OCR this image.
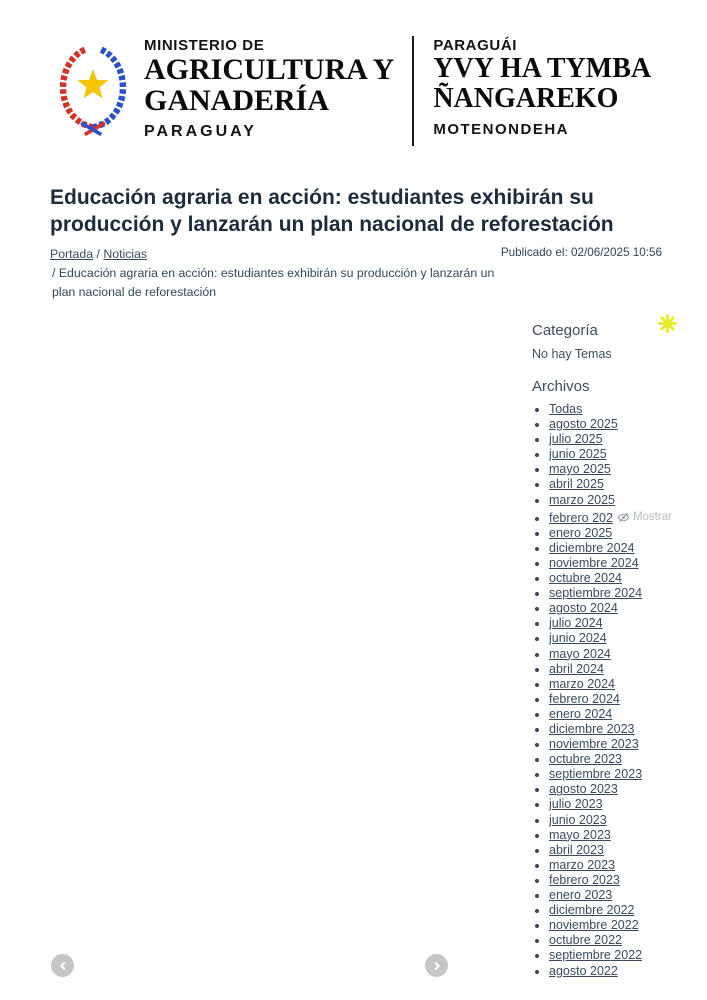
MINISTERIO DE
AGRICULTURA Y
GANADERÍA
PARAGUAY
PARAGUÁI
YVY HA TYMBA
ÑANGAREKO
MOTENONDEHA
Educación agraria en acción: estudiantes exhibirán su producción y lanzarán un plan nacional de reforestación
Portada / Noticias
/ Educación agraria en acción: estudiantes exhibirán su producción y lanzarán un plan nacional de reforestación
Publicado el: 02/06/2025 10:56

Categoría
No hay Temas
Archivos
• Todas
• agosto 2025
• julio 2025
• junio 2025
• mayo 2025
• abril 2025
• marzo 2025
• febrero 202 Mostrar
• enero 2025
• diciembre 2024
• noviembre 2024
• octubre 2024
• septiembre 2024
• agosto 2024
• julio 2024
• junio 2024
• mayo 2024
• abril 2024
• marzo 2024
• febrero 2024
• enero 2024
• diciembre 2023
• noviembre 2023
• octubre 2023
• septiembre 2023
• agosto 2023
• julio 2023
• junio 2023
• mayo 2023
• abril 2023
• marzo 2023
• febrero 2023
• enero 2023
• diciembre 2022
• noviembre 2022
• octubre 2022
• septiembre 2022
• agosto 2022
